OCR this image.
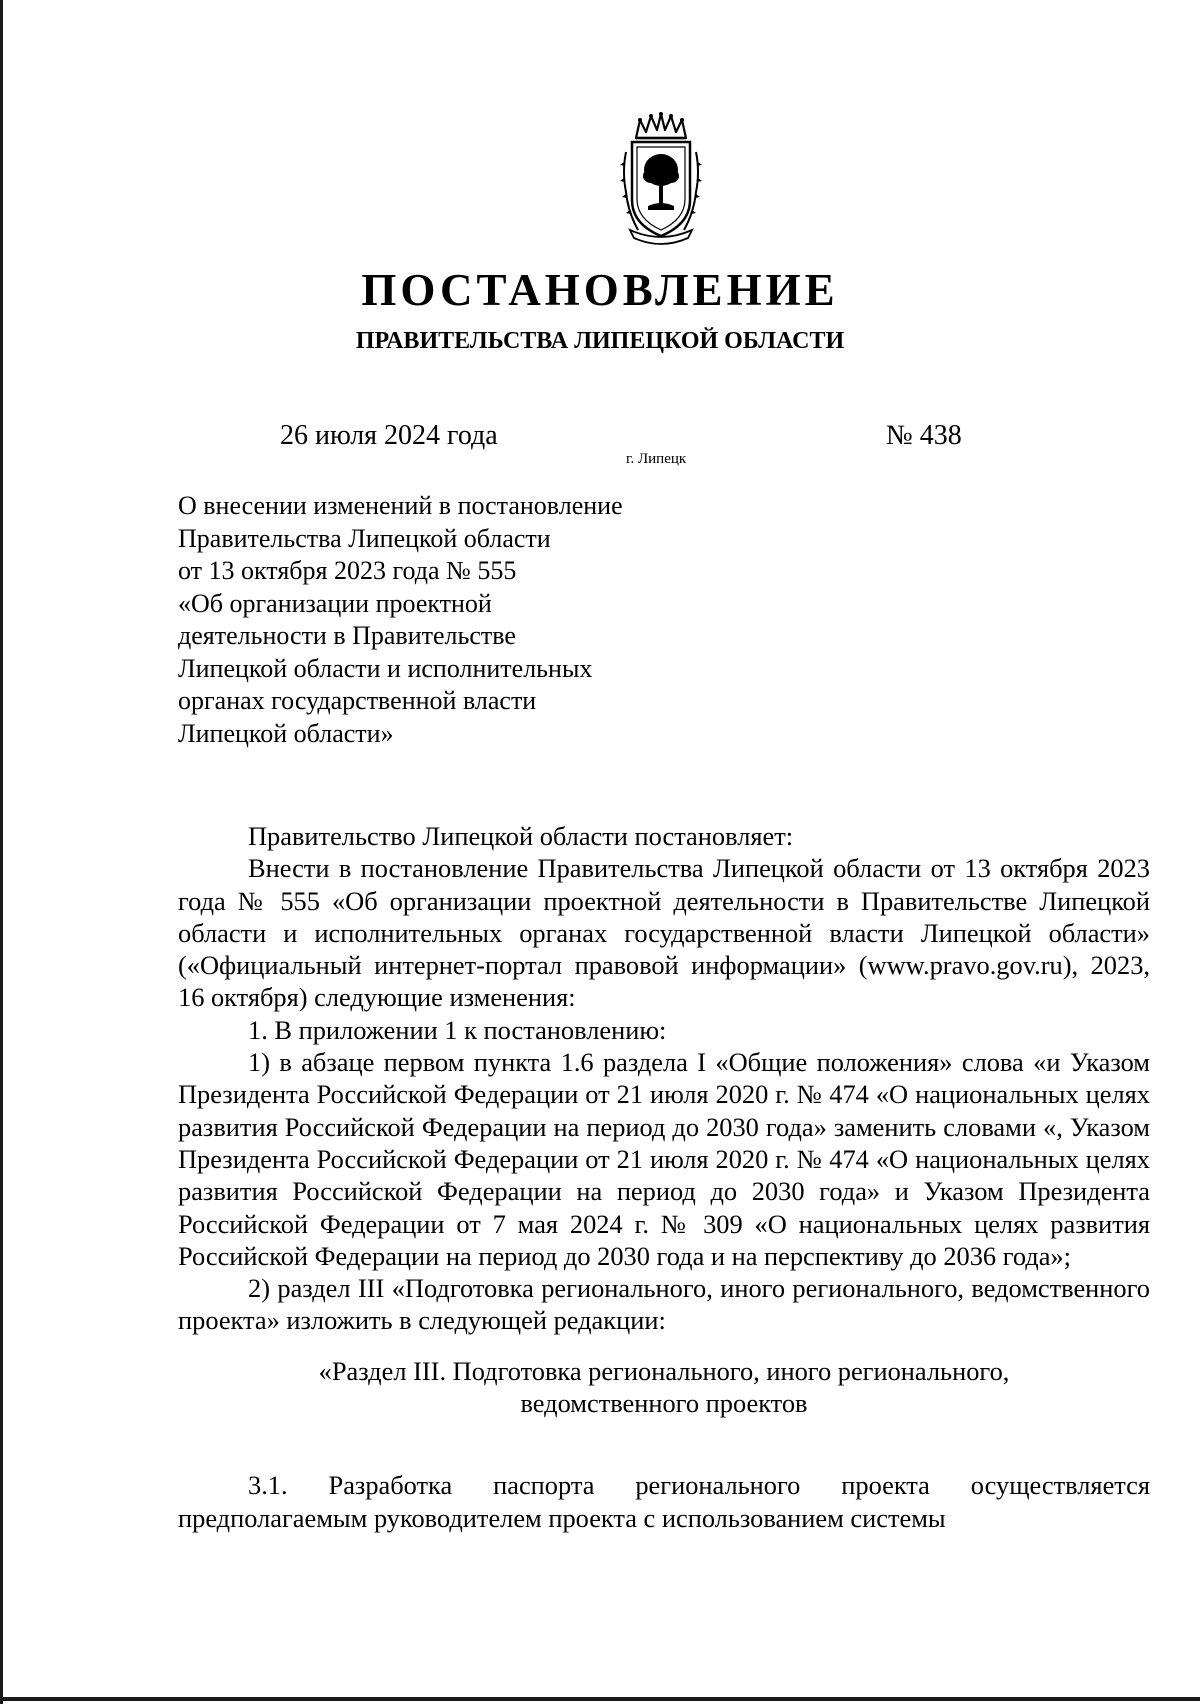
ПОСТАНОВЛЕНИЕ
ПРАВИТЕЛЬСТВА ЛИПЕЦКОЙ ОБЛАСТИ
26 июля 2024 года	№ 438
г. Липецк
О внесении изменений в постановление
Правительства Липецкой области
от 13 октября 2023 года № 555
«Об организации проектной
деятельности в Правительстве
Липецкой области и исполнительных
органах государственной власти
Липецкой области»

Правительство Липецкой области постановляет:

Внести в постановление Правительства Липецкой области от 13 октября 2023 года № 555 «Об организации проектной деятельности в Правительстве Липецкой области и исполнительных органах государственной власти Липецкой области» («Официальный интернет-портал правовой информации» (www.pravo.gov.ru), 2023, 16 октября) следующие изменения:

1. В приложении 1 к постановлению:

1) в абзаце первом пункта 1.6 раздела I «Общие положения» слова «и Указом Президента Российской Федерации от 21 июля 2020 г. № 474 «О национальных целях развития Российской Федерации на период до 2030 года» заменить словами «, Указом Президента Российской Федерации от 21 июля 2020 г. № 474 «О национальных целях развития Российской Федерации на период до 2030 года» и Указом Президента Российской Федерации от 7 мая 2024 г. № 309 «О национальных целях развития Российской Федерации на период до 2030 года и на перспективу до 2036 года»;

2) раздел III «Подготовка регионального, иного регионального, ведомственного проекта» изложить в следующей редакции:

«Раздел III. Подготовка регионального, иного регионального,

ведомственного проектов

3.1. Разработка паспорта регионального проекта осуществляется предполагаемым руководителем проекта с использованием системы
